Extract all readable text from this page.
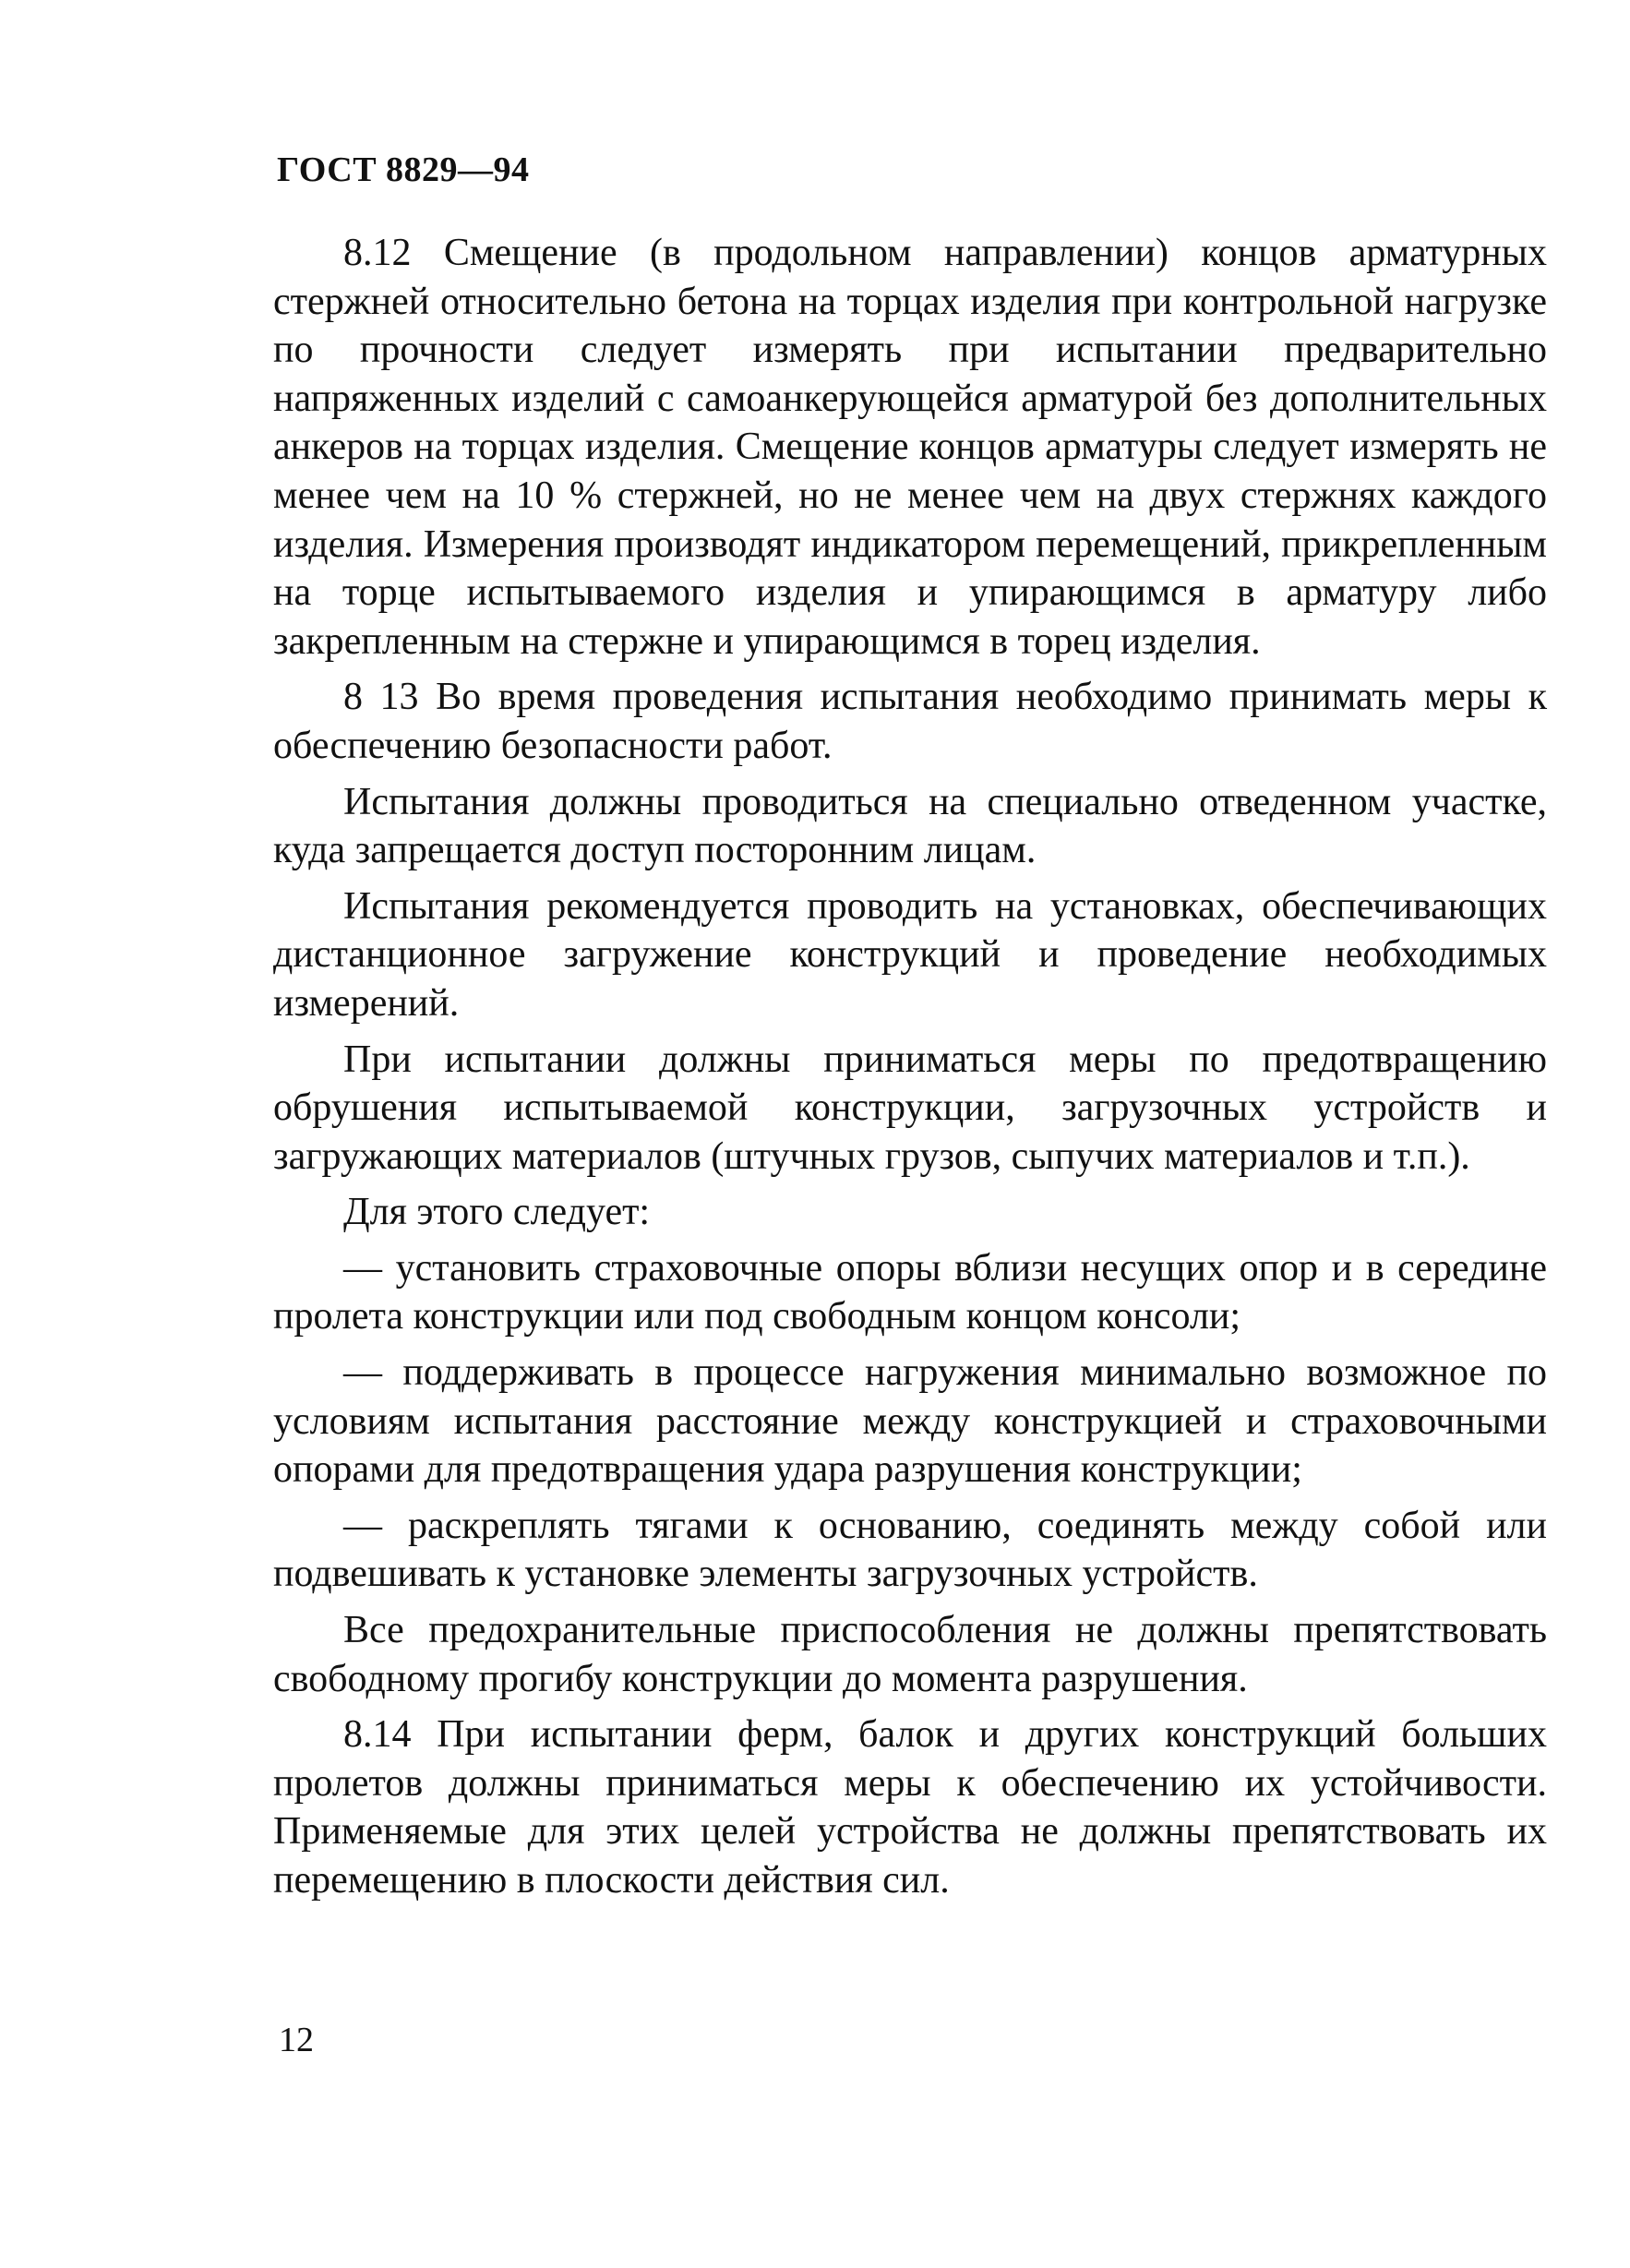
ГОСТ 8829—94

8.12 Смещение (в продольном направлении) концов арматурных стержней относительно бетона на торцах изделия при контрольной нагрузке по прочности следует измерять при испытании предварительно напряженных изделий с самоанкерующейся арматурой без дополнительных анкеров на торцах изделия. Смещение концов арматуры следует измерять не менее чем на 10 % стержней, но не менее чем на двух стержнях каждого изделия. Измерения производят индикатором перемещений, прикрепленным на торце испытываемого изделия и упирающимся в арматуру либо закрепленным на стержне и упирающимся в торец изделия.

8 13 Во время проведения испытания необходимо принимать меры к обеспечению безопасности работ.

Испытания должны проводиться на специально отведенном участке, куда запрещается доступ посторонним лицам.

Испытания рекомендуется проводить на установках, обеспечивающих дистанционное загружение конструкций и проведение необходимых измерений.

При испытании должны приниматься меры по предотвращению обрушения испытываемой конструкции, загрузочных устройств и загружающих материалов (штучных грузов, сыпучих материалов и т.п.).

Для этого следует:

— установить страховочные опоры вблизи несущих опор и в середине пролета конструкции или под свободным концом консоли;

— поддерживать в процессе нагружения минимально возможное по условиям испытания расстояние между конструкцией и страховочными опорами для предотвращения удара разрушения конструкции;

— раскреплять тягами к основанию, соединять между собой или подвешивать к установке элементы загрузочных устройств.

Все предохранительные приспособления не должны препятствовать свободному прогибу конструкции до момента разрушения.

8.14 При испытании ферм, балок и других конструкций больших пролетов должны приниматься меры к обеспечению их устойчивости. Применяемые для этих целей устройства не должны препятствовать их перемещению в плоскости действия сил.

12
